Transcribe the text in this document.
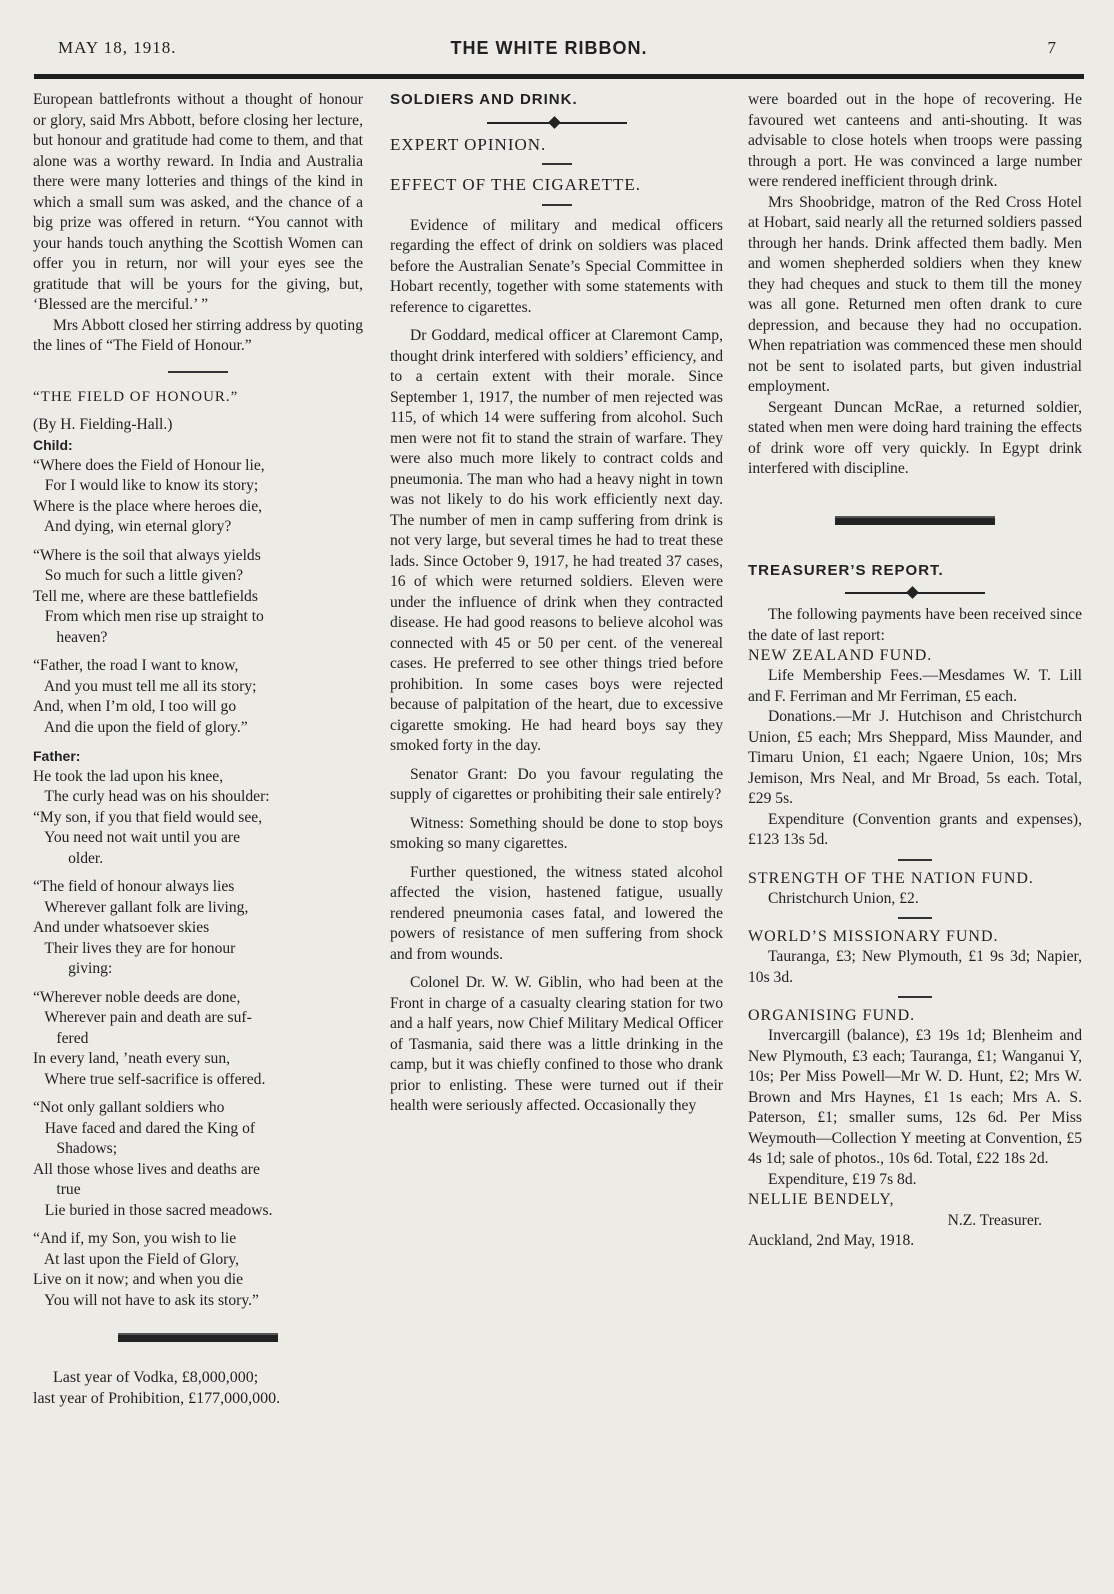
MAY 18, 1918.	THE WHITE RIBBON.	7

European battlefronts without a thought of honour or glory, said Mrs Abbott, before closing her lecture, but honour and gratitude had come to them, and that alone was a worthy reward. In India and Australia there were many lotteries and things of the kind in which a small sum was asked, and the chance of a big prize was offered in return. “You cannot with your hands touch anything the Scottish Women can offer you in return, nor will your eyes see the gratitude that will be yours for the giving, but, ‘Blessed are the merciful.’ ”

Mrs Abbott closed her stirring address by quoting the lines of “The Field of Honour.”

“THE FIELD OF HONOUR.”

(By H. Fielding-Hall.)

Child:

“Where does the Field of Honour lie,

For I would like to know its story;

Where is the place where heroes die,

And dying, win eternal glory?

“Where is the soil that always yields

So much for such a little given?

Tell me, where are these battlefields

From which men rise up straight to

heaven?

“Father, the road I want to know,

And you must tell me all its story;

And, when I’m old, I too will go

And die upon the field of glory.”

Father:

He took the lad upon his knee,

The curly head was on his shoulder:

“My son, if you that field would see,

You need not wait until you are

older.

“The field of honour always lies

Wherever gallant folk are living,

And under whatsoever skies

Their lives they are for honour

giving:

“Wherever noble deeds are done,

Wherever pain and death are suf-

fered

In every land, ’neath every sun,

Where true self-sacrifice is offered.

“Not only gallant soldiers who

Have faced and dared the King of

Shadows;

All those whose lives and deaths are

true

Lie buried in those sacred meadows.

“And if, my Son, you wish to lie

At last upon the Field of Glory,

Live on it now; and when you die

You will not have to ask its story.”

Last year of Vodka, £8,000,000;

last year of Prohibition, £177,000,000.

SOLDIERS AND DRINK.

EXPERT OPINION.

EFFECT OF THE CIGARETTE.

Evidence of military and medical officers regarding the effect of drink on soldiers was placed before the Australian Senate’s Special Committee in Hobart recently, together with some statements with reference to cigarettes.

Dr Goddard, medical officer at Claremont Camp, thought drink interfered with soldiers’ efficiency, and to a certain extent with their morale. Since September 1, 1917, the number of men rejected was 115, of which 14 were suffering from alcohol. Such men were not fit to stand the strain of warfare. They were also much more likely to contract colds and pneumonia. The man who had a heavy night in town was not likely to do his work efficiently next day. The number of men in camp suffering from drink is not very large, but several times he had to treat these lads. Since October 9, 1917, he had treated 37 cases, 16 of which were returned soldiers. Eleven were under the influence of drink when they contracted disease. He had good reasons to believe alcohol was connected with 45 or 50 per cent. of the venereal cases. He preferred to see other things tried before prohibition. In some cases boys were rejected because of palpitation of the heart, due to excessive cigarette smoking. He had heard boys say they smoked forty in the day.

Senator Grant: Do you favour regulating the supply of cigarettes or prohibiting their sale entirely?

Witness: Something should be done to stop boys smoking so many cigarettes.

Further questioned, the witness stated alcohol affected the vision, hastened fatigue, usually rendered pneumonia cases fatal, and lowered the powers of resistance of men suffering from shock and from wounds.

Colonel Dr. W. W. Giblin, who had been at the Front in charge of a casualty clearing station for two and a half years, now Chief Military Medical Officer of Tasmania, said there was a little drinking in the camp, but it was chiefly confined to those who drank prior to enlisting. These were turned out if their health were seriously affected. Occasionally they

were boarded out in the hope of recovering. He favoured wet canteens and anti-shouting. It was advisable to close hotels when troops were passing through a port. He was convinced a large number were rendered inefficient through drink.

Mrs Shoobridge, matron of the Red Cross Hotel at Hobart, said nearly all the returned soldiers passed through her hands. Drink affected them badly. Men and women shepherded soldiers when they knew they had cheques and stuck to them till the money was all gone. Returned men often drank to cure depression, and because they had no occupation. When repatriation was commenced these men should not be sent to isolated parts, but given industrial employment.

Sergeant Duncan McRae, a returned soldier, stated when men were doing hard training the effects of drink wore off very quickly. In Egypt drink interfered with discipline.

TREASURER’S REPORT.

The following payments have been received since the date of last report:

NEW ZEALAND FUND.

Life Membership Fees.—Mesdames W. T. Lill and F. Ferriman and Mr Ferriman, £5 each.

Donations.—Mr J. Hutchison and Christchurch Union, £5 each; Mrs Sheppard, Miss Maunder, and Timaru Union, £1 each; Ngaere Union, 10s; Mrs Jemison, Mrs Neal, and Mr Broad, 5s each. Total, £29 5s.

Expenditure (Convention grants and expenses), £123 13s 5d.

STRENGTH OF THE NATION FUND.

Christchurch Union, £2.

WORLD’S MISSIONARY FUND.

Tauranga, £3; New Plymouth, £1 9s 3d; Napier, 10s 3d.

ORGANISING FUND.

Invercargill (balance), £3 19s 1d; Blenheim and New Plymouth, £3 each; Tauranga, £1; Wanganui Y, 10s; Per Miss Powell—Mr W. D. Hunt, £2; Mrs W. Brown and Mrs Haynes, £1 1s each; Mrs A. S. Paterson, £1; smaller sums, 12s 6d. Per Miss Weymouth—Collection Y meeting at Convention, £5 4s 1d; sale of photos., 10s 6d. Total, £22 18s 2d.

Expenditure, £19 7s 8d.

NELLIE BENDELY,

N.Z. Treasurer.

Auckland, 2nd May, 1918.
